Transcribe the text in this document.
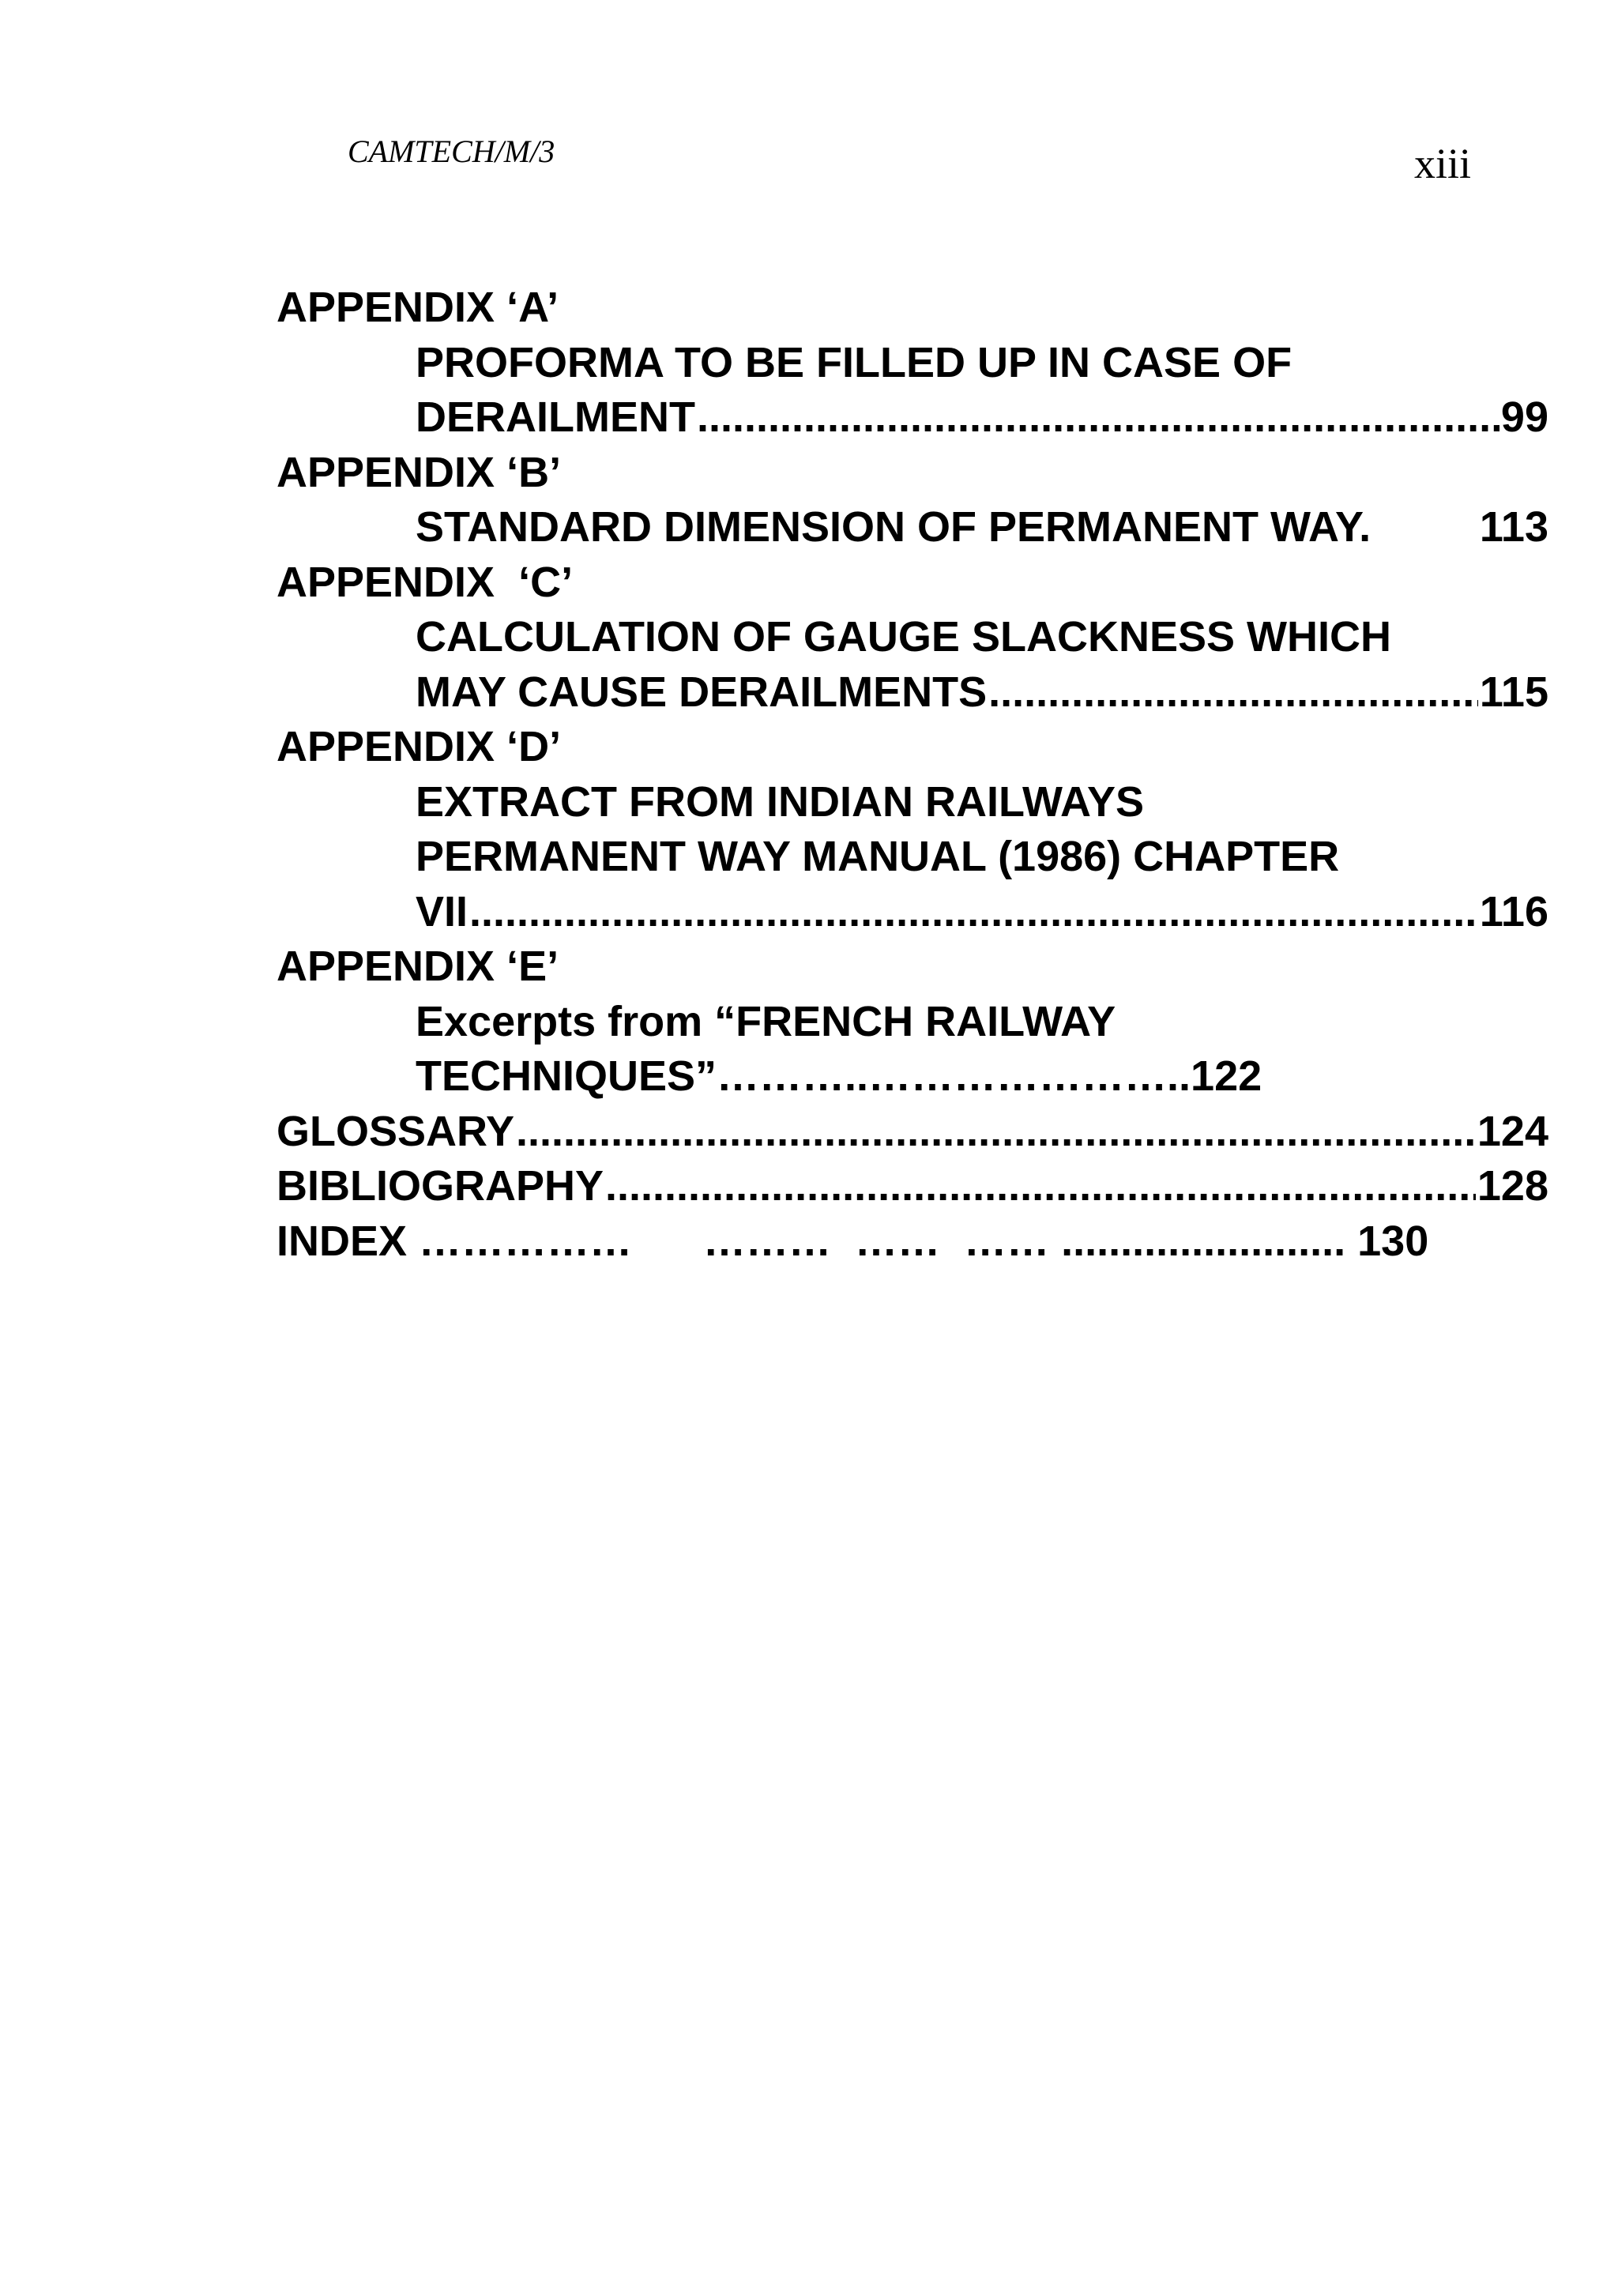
CAMTECH/M/3	xiii
APPENDIX ‘A’
PROFORMA TO BE FILLED UP IN CASE OF
DERAILMENT .....	99
APPENDIX ‘B’
STANDARD DIMENSION OF PERMANENT WAY.	113
APPENDIX  ‘C’
CALCULATION OF GAUGE SLACKNESS WHICH
MAY CAUSE DERAILMENTS .....	115
APPENDIX ‘D’
EXTRACT FROM INDIAN RAILWAYS
PERMANENT WAY MANUAL (1986) CHAPTER
VII .....	116
APPENDIX ‘E’
Excerpts from “FRENCH RAILWAY
TECHNIQUES”………..…………………..122
GLOSSARY .....	124
BIBLIOGRAPHY .....	128
INDEX ……………      ………  ……  …… ........................ 130
